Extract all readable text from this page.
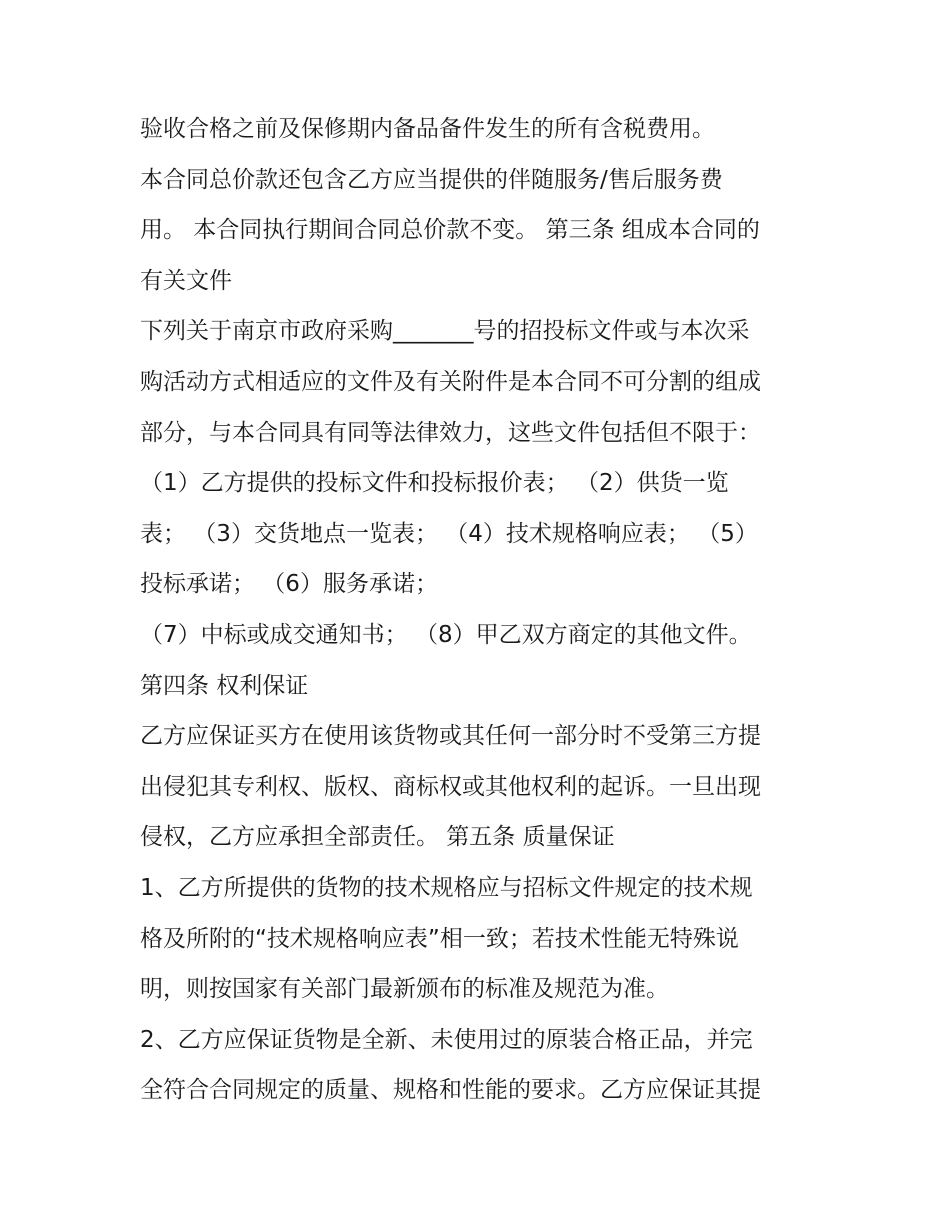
验收合格之前及保修期内备品备件发生的所有含税费用。
本合同总价款还包含乙方应当提供的伴随服务/售后服务费
用。 本合同执行期间合同总价款不变。 第三条 组成本合同的
有关文件
下列关于南京市政府采购_______号的招投标文件或与本次采
购活动方式相适应的文件及有关附件是本合同不可分割的组成
部分，与本合同具有同等法律效力，这些文件包括但不限于：
（1）乙方提供的投标文件和投标报价表； （2）供货一览
表； （3）交货地点一览表； （4）技术规格响应表； （5）
投标承诺； （6）服务承诺；
（7）中标或成交通知书； （8）甲乙双方商定的其他文件。
第四条 权利保证
乙方应保证买方在使用该货物或其任何一部分时不受第三方提
出侵犯其专利权、版权、商标权或其他权利的起诉。一旦出现
侵权，乙方应承担全部责任。 第五条 质量保证
1、乙方所提供的货物的技术规格应与招标文件规定的技术规
格及所附的“技术规格响应表”相一致；若技术性能无特殊说
明，则按国家有关部门最新颁布的标准及规范为准。
2、乙方应保证货物是全新、未使用过的原装合格正品，并完
全符合合同规定的质量、规格和性能的要求。乙方应保证其提
